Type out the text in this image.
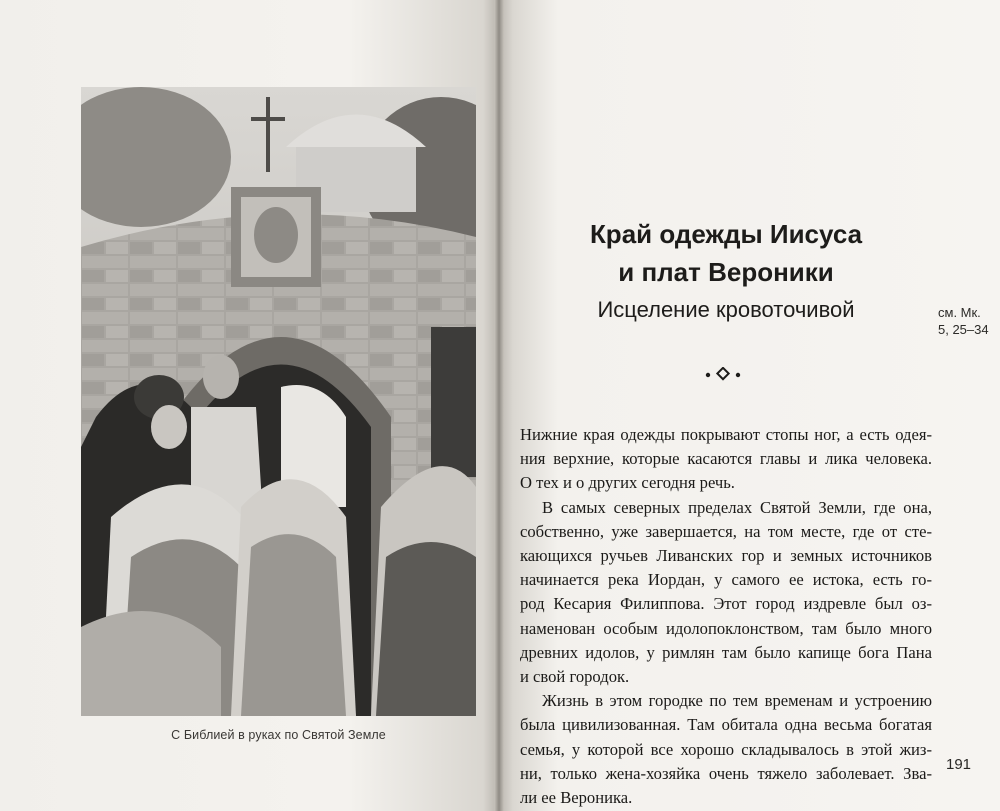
С Библией в руках по Святой Земле
Край одежды Иисуса
и плат Вероники
Исцеление кровоточивой	см. Мк.
5, 25–34
Нижние края одежды покрывают стопы ног, а есть одея-
ния верхние, которые касаются главы и лика человека.
О тех и о других сегодня речь.
В самых северных пределах Святой Земли, где она,
собственно, уже завершается, на том месте, где от сте-
кающихся ручьев Ливанских гор и земных источников
начинается река Иордан, у самого ее истока, есть го-
род Кесария Филиппова. Этот город издревле был оз-
наменован особым идолопоклонством, там было много
древних идолов, у римлян там было капище бога Пана
и свой городок.
Жизнь в этом городке по тем временам и устроению
была цивилизованная. Там обитала одна весьма богатая
семья, у которой все хорошо складывалось в этой жиз-
ни, только жена-хозяйка очень тяжело заболевает. Зва-
ли ее Вероника.
191
